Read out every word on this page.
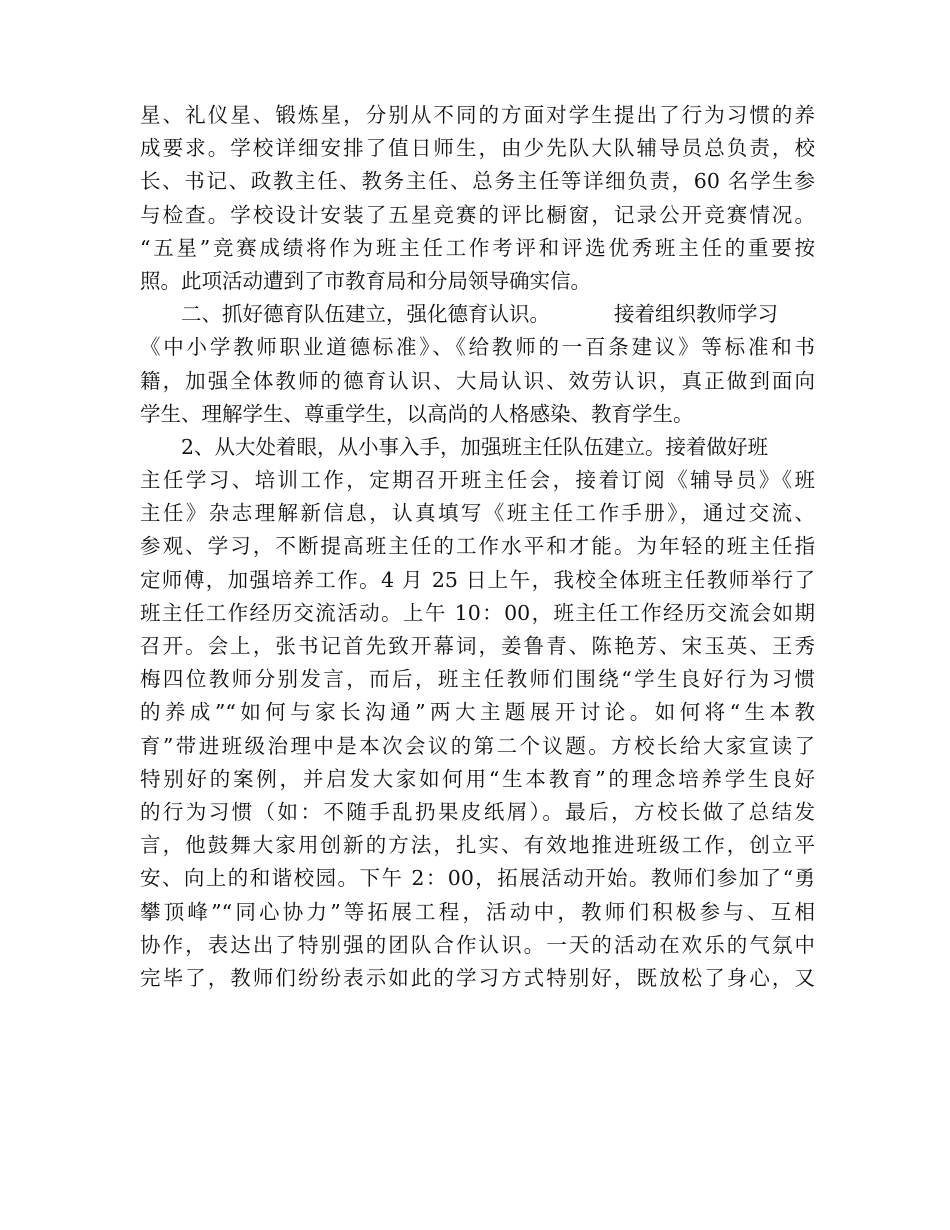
星、礼仪星、锻炼星，分别从不同的方面对学生提出了行为习惯的养
成要求。学校详细安排了值日师生，由少先队大队辅导员总负责，校
长、书记、政教主任、教务主任、总务主任等详细负责，60 名学生参
与检查。学校设计安装了五星竞赛的评比橱窗，记录公开竞赛情况。
“五星”竞赛成绩将作为班主任工作考评和评选优秀班主任的重要按
照。此项活动遭到了市教育局和分局领导确实信。
二、抓好德育队伍建立，强化德育认识。	接着组织教师学习
《中小学教师职业道德标准》、《给教师的一百条建议》等标准和书
籍，加强全体教师的德育认识、大局认识、效劳认识，真正做到面向
学生、理解学生、尊重学生，以高尚的人格感染、教育学生。
2、从大处着眼，从小事入手，加强班主任队伍建立。接着做好班
主任学习、培训工作，定期召开班主任会，接着订阅《辅导员》《班
主任》杂志理解新信息，认真填写《班主任工作手册》，通过交流、
参观、学习，不断提高班主任的工作水平和才能。为年轻的班主任指
定师傅，加强培养工作。4 月 25 日上午，我校全体班主任教师举行了
班主任工作经历交流活动。上午 10：00，班主任工作经历交流会如期
召开。会上，张书记首先致开幕词，姜鲁青、陈艳芳、宋玉英、王秀
梅四位教师分别发言，而后，班主任教师们围绕“学生良好行为习惯
的养成”“如何与家长沟通”两大主题展开讨论。如何将“生本教
育”带进班级治理中是本次会议的第二个议题。方校长给大家宣读了
特别好的案例，并启发大家如何用“生本教育”的理念培养学生良好
的行为习惯（如：不随手乱扔果皮纸屑）。最后，方校长做了总结发
言，他鼓舞大家用创新的方法，扎实、有效地推进班级工作，创立平
安、向上的和谐校园。下午 2：00，拓展活动开始。教师们参加了“勇
攀顶峰”“同心协力”等拓展工程，活动中，教师们积极参与、互相
协作，表达出了特别强的团队合作认识。一天的活动在欢乐的气氛中
完毕了，教师们纷纷表示如此的学习方式特别好，既放松了身心，又
